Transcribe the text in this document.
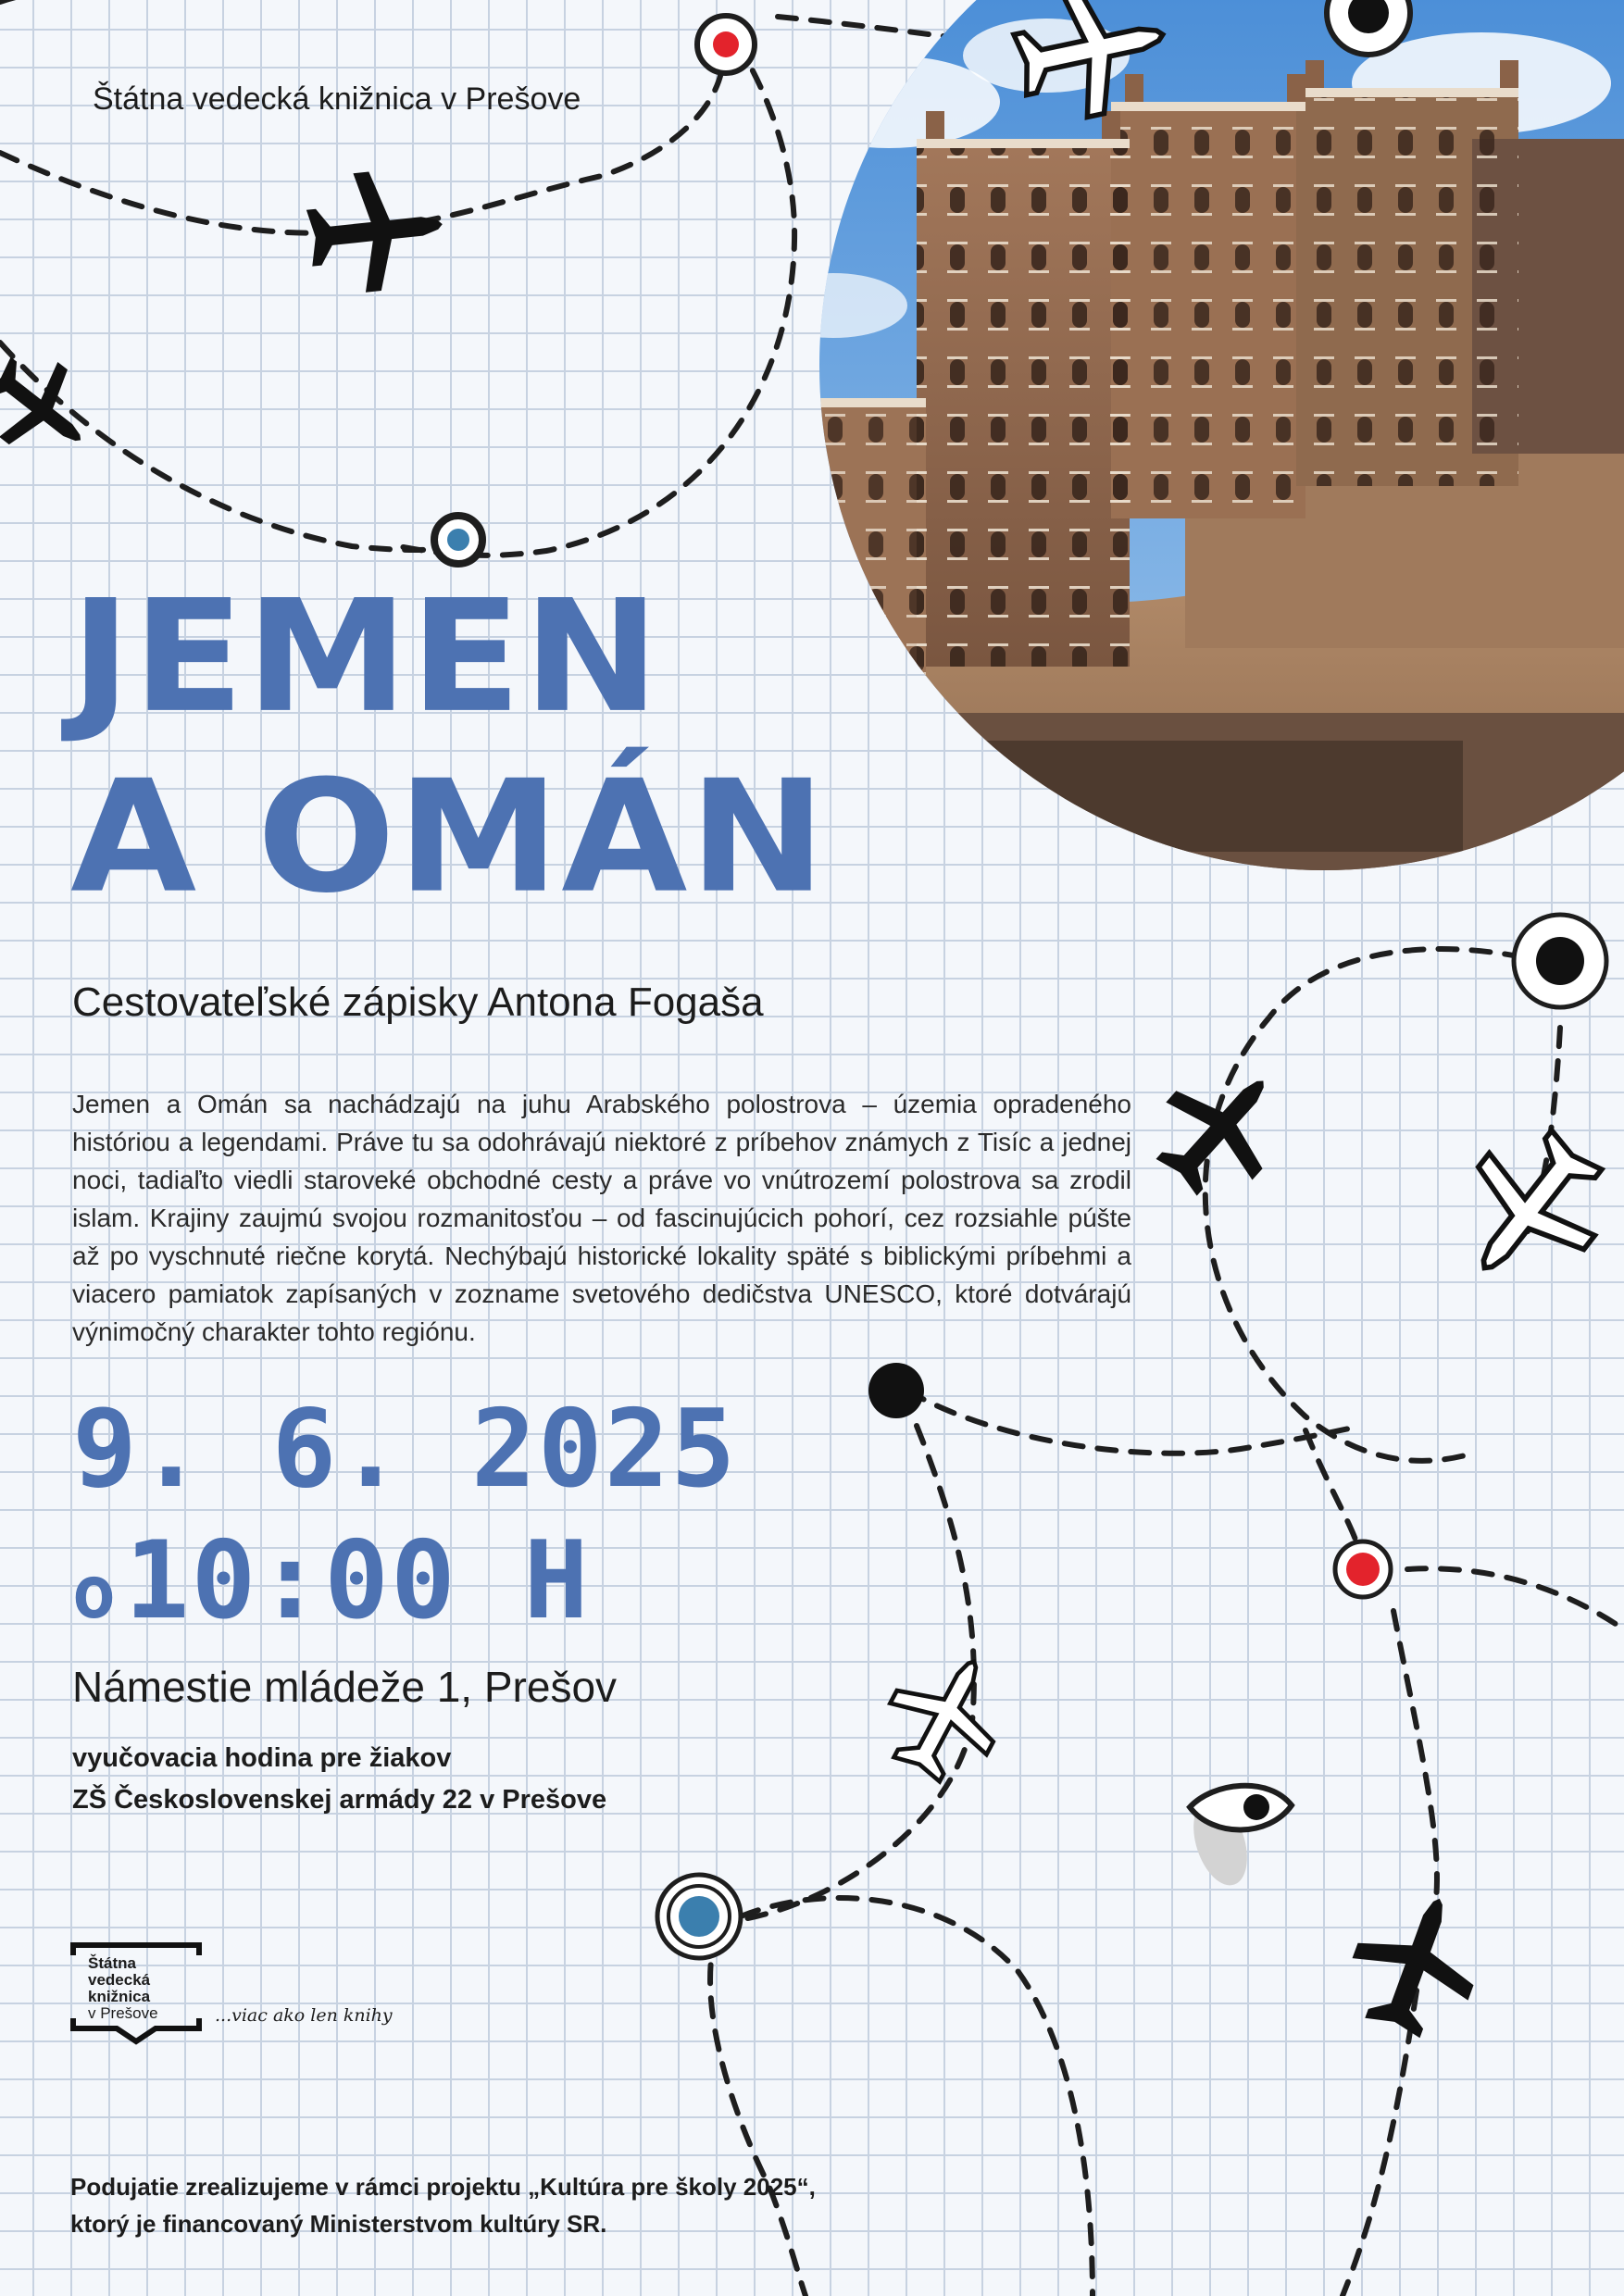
Štátna vedecká knižnica v Prešove
JEMEN
A OMÁN
Cestovateľské zápisky Antona Fogaša

Jemen a Omán sa nachádzajú na juhu Arabského polostrova – územia opradeného históriou a legendami. Práve tu sa odohrávajú niektoré z príbehov známych z Tisíc a jednej noci, tadiaľto viedli staroveké obchodné cesty a práve vo vnútrozemí polostrova sa zrodil islam. Krajiny zaujmú svojou rozmanitosťou – od fascinujúcich pohorí, cez rozsiahle púšte až po vyschnuté riečne korytá. Nechýbajú historické lokality späté s biblickými príbehmi a viacero pamiatok zapísaných v zozname svetového dedičstva UNESCO, ktoré dotvárajú výnimočný charakter tohto regiónu.

9. 6. 2025
o 10:00 H
Námestie mládeže 1, Prešov
vyučovacia hodina pre žiakov
ZŠ Československej armády 22 v Prešove
Štátna
vedecká
knižnica
v Prešove	...viac ako len knihy
Podujatie zrealizujeme v rámci projektu „Kultúra pre školy 2025“,
ktorý je financovaný Ministerstvom kultúry SR.
